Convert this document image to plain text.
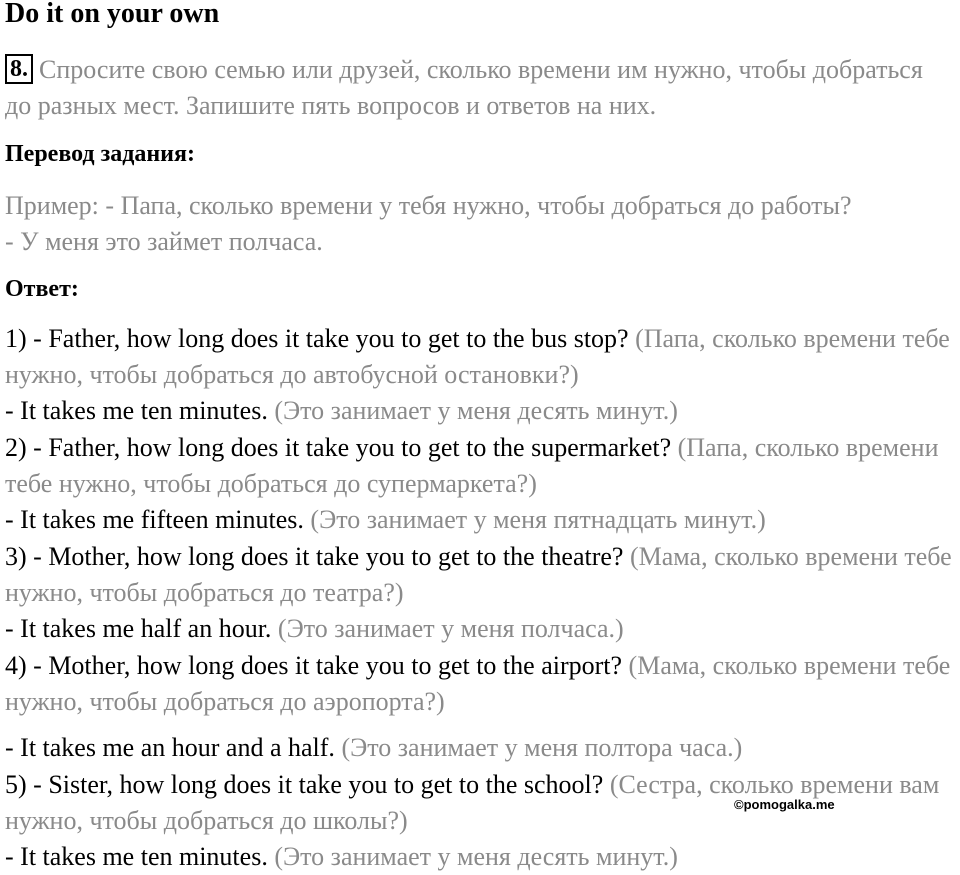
Do it on your own
8. Спросите свою семью или друзей, сколько времени им нужно, чтобы добраться до разных мест. Запишите пять вопросов и ответов на них.
Перевод задания:
Пример: - Папа, сколько времени у тебя нужно, чтобы добраться до работы?
- У меня это займет полчаса.
Ответ:
1) - Father, how long does it take you to get to the bus stop? (Папа, сколько времени тебе нужно, чтобы добраться до автобусной остановки?)
- It takes me ten minutes. (Это занимает у меня десять минут.)
2) - Father, how long does it take you to get to the supermarket? (Папа, сколько времени тебе нужно, чтобы добраться до супермаркета?)
- It takes me fifteen minutes. (Это занимает у меня пятнадцать минут.)
3) - Mother, how long does it take you to get to the theatre? (Мама, сколько времени тебе нужно, чтобы добраться до театра?)
- It takes me half an hour. (Это занимает у меня полчаса.)
4) - Mother, how long does it take you to get to the airport? (Мама, сколько времени тебе нужно, чтобы добраться до аэропорта?)
- It takes me an hour and a half. (Это занимает у меня полтора часа.)
5) - Sister, how long does it take you to get to the school? (Сестра, сколько времени вам нужно, чтобы добраться до школы?)
- It takes me ten minutes. (Это занимает у меня десять минут.)
©pomogalka.me
